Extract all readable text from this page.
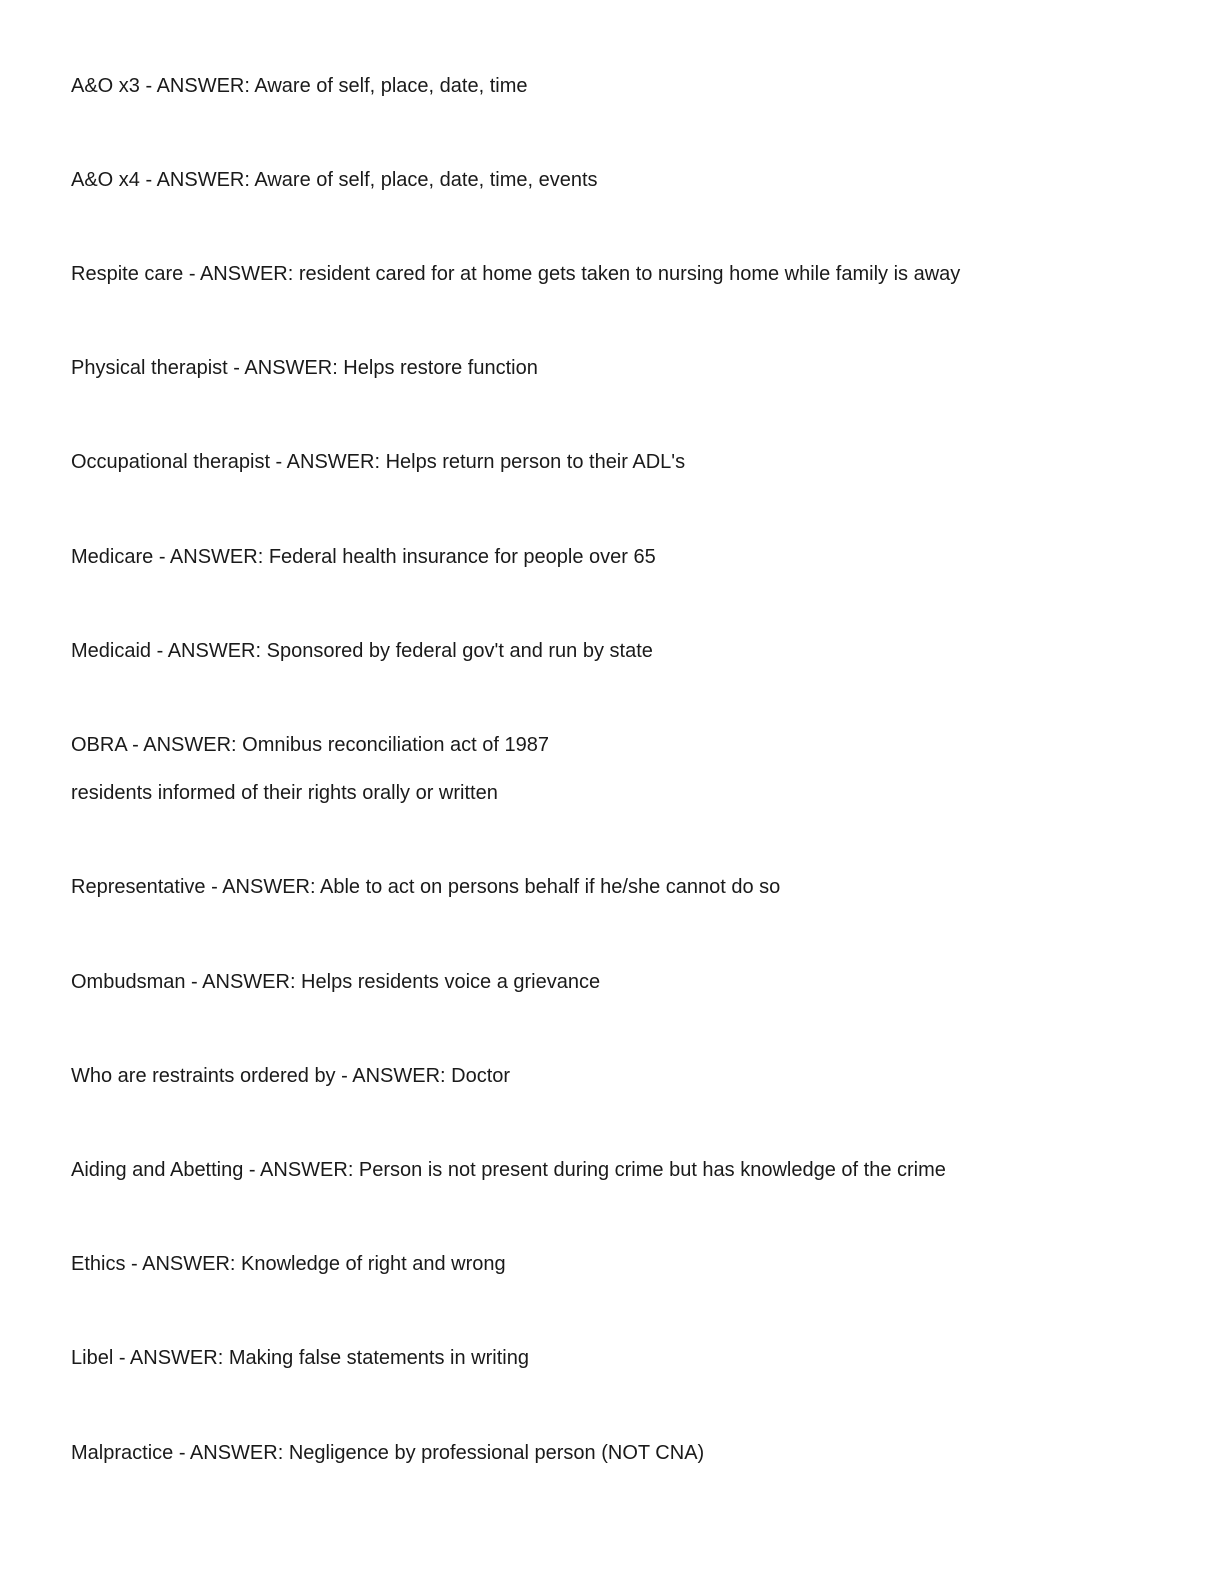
A&O x3 - ANSWER: Aware of self, place, date, time
A&O x4 - ANSWER: Aware of self, place, date, time, events
Respite care - ANSWER: resident cared for at home gets taken to nursing home while family is away
Physical therapist - ANSWER: Helps restore function
Occupational therapist - ANSWER: Helps return person to their ADL's
Medicare - ANSWER: Federal health insurance for people over 65
Medicaid - ANSWER: Sponsored by federal gov't and run by state
OBRA - ANSWER: Omnibus reconciliation act of 1987
residents informed of their rights orally or written
Representative - ANSWER: Able to act on persons behalf if he/she cannot do so
Ombudsman - ANSWER: Helps residents voice a grievance
Who are restraints ordered by - ANSWER: Doctor
Aiding and Abetting - ANSWER: Person is not present during crime but has knowledge of the crime
Ethics - ANSWER: Knowledge of right and wrong
Libel - ANSWER: Making false statements in writing
Malpractice - ANSWER: Negligence by professional person (NOT CNA)
